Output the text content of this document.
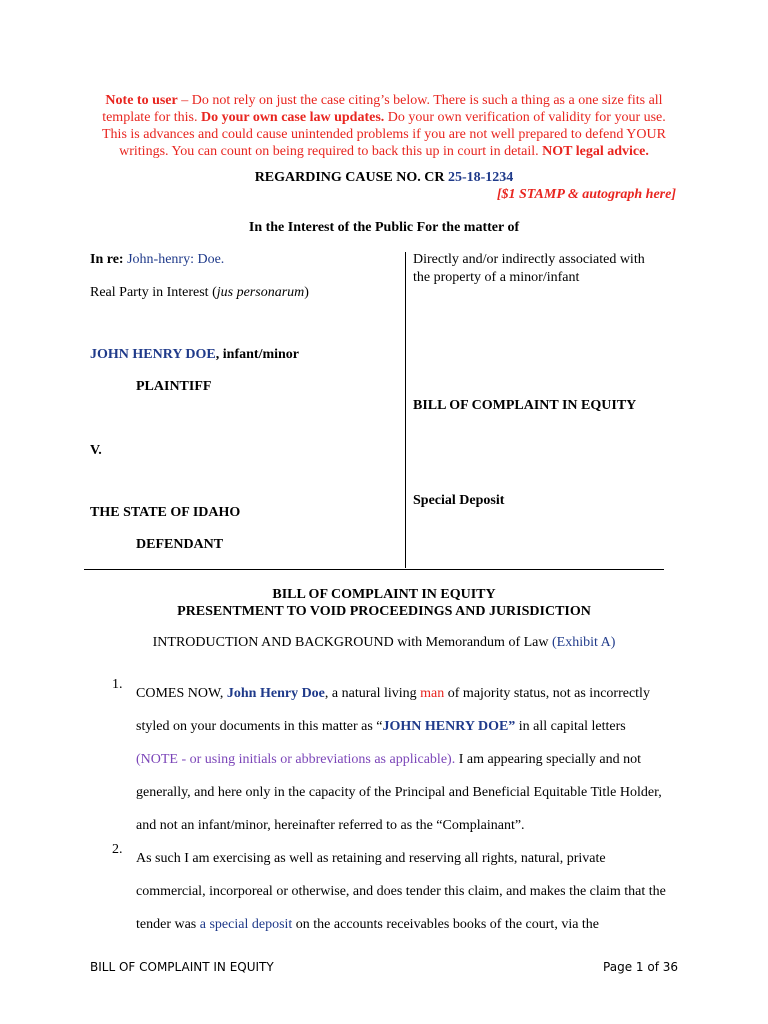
Note to user – Do not rely on just the case citing’s below. There is such a thing as a one size fits all template for this. Do your own case law updates. Do your own verification of validity for your use. This is advances and could cause unintended problems if you are not well prepared to defend YOUR writings. You can count on being required to back this up in court in detail. NOT legal advice.
REGARDING CAUSE NO. CR 25-18-1234
[$1 STAMP & autograph here]
In the Interest of the Public For the matter of
In re: John-henry: Doe.
Real Party in Interest (jus personarum)
JOHN HENRY DOE, infant/minor
PLAINTIFF
V.
THE STATE OF IDAHO
DEFENDANT
Directly and/or indirectly associated with
the property of a minor/infant
BILL OF COMPLAINT IN EQUITY
Special Deposit
BILL OF COMPLAINT IN EQUITY
PRESENTMENT TO VOID PROCEEDINGS AND JURISDICTION
INTRODUCTION AND BACKGROUND with Memorandum of Law (Exhibit A)
1.
COMES NOW, John Henry Doe, a natural living man of majority status, not as incorrectly styled on your documents in this matter as “JOHN HENRY DOE” in all capital letters (NOTE - or using initials or abbreviations as applicable). I am appearing specially and not generally, and here only in the capacity of the Principal and Beneficial Equitable Title Holder, and not an infant/minor, hereinafter referred to as the “Complainant”.
2.
As such I am exercising as well as retaining and reserving all rights, natural, private commercial, incorporeal or otherwise, and does tender this claim, and makes the claim that the tender was a special deposit on the accounts receivables books of the court, via the
BILL OF COMPLAINT IN EQUITY	Page 1 of 36
